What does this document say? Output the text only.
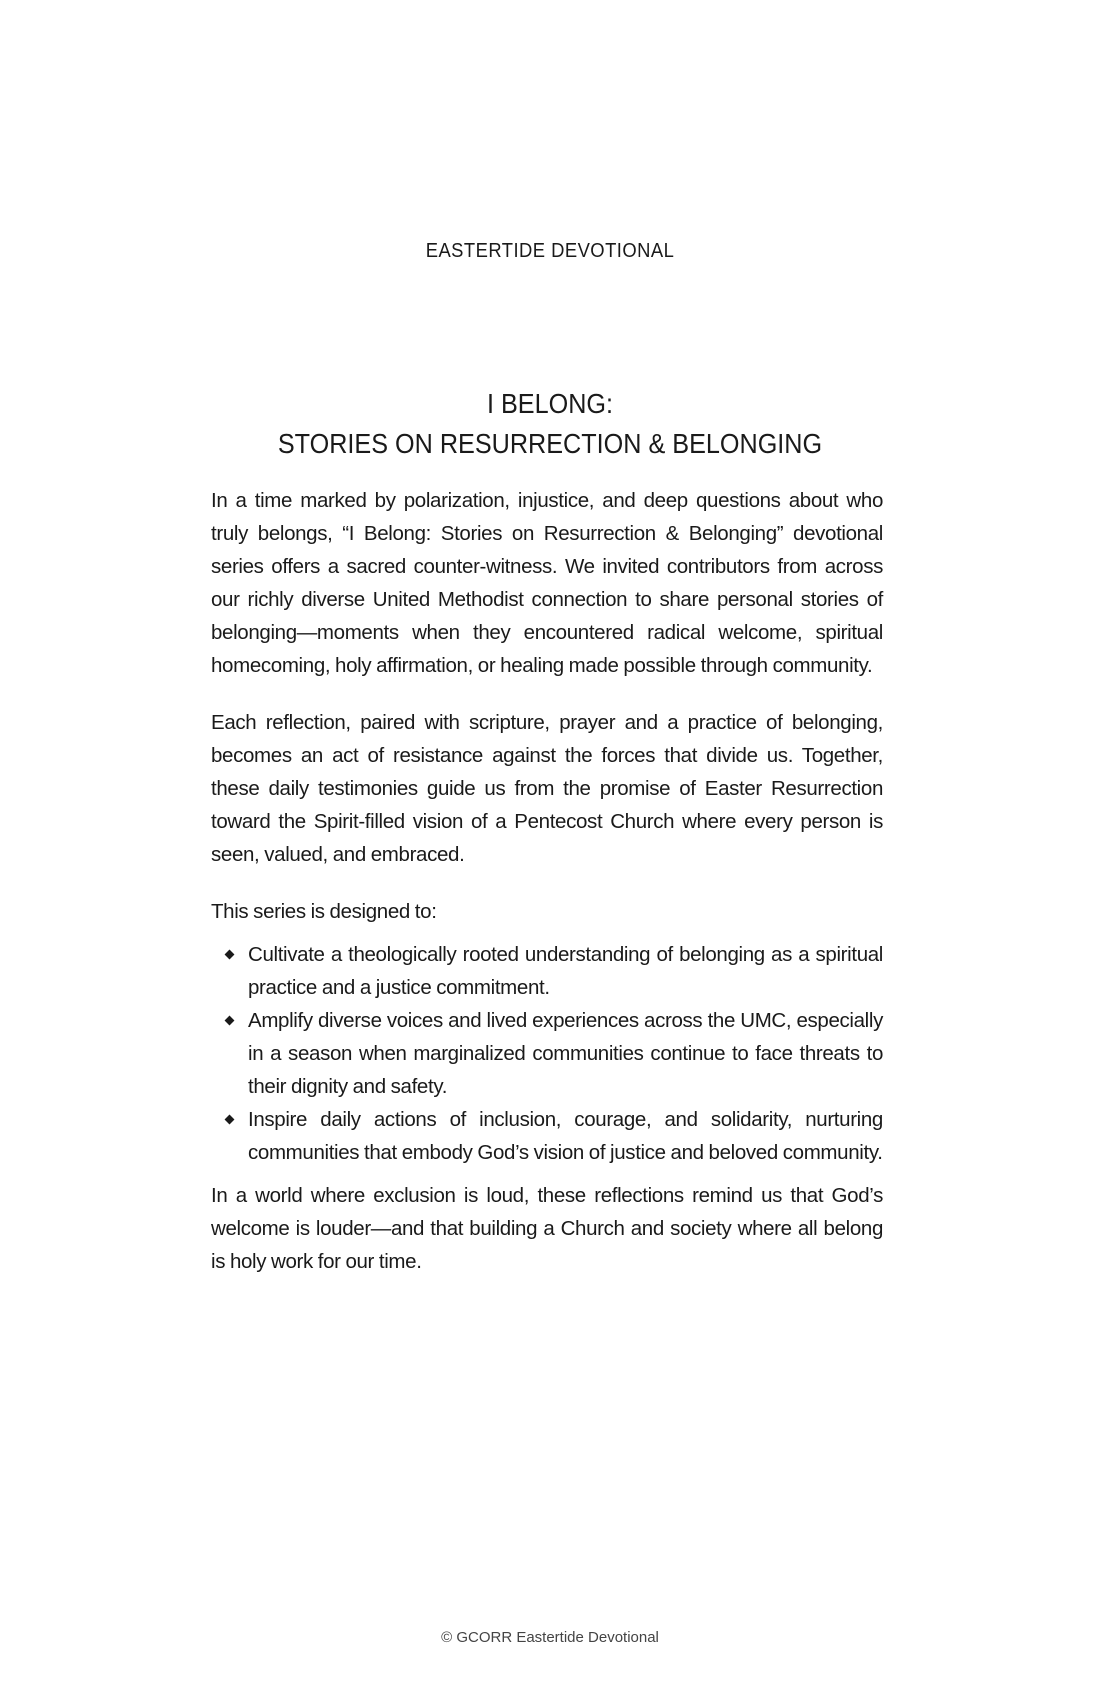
EASTERTIDE DEVOTIONAL
I BELONG:
STORIES ON RESURRECTION & BELONGING

In a time marked by polarization, injustice, and deep questions about who truly belongs, “I Belong: Stories on Resurrection & Belonging” devotional series offers a sacred counter-witness. We invited contributors from across our richly diverse United Methodist connection to share personal stories of belonging—moments when they encountered radical welcome, spiritual homecoming, holy affirmation, or healing made possible through community.

Each reflection, paired with scripture, prayer and a practice of belonging, becomes an act of resistance against the forces that divide us. Together, these daily testimonies guide us from the promise of Easter Resurrection toward the Spirit-filled vision of a Pentecost Church where every person is seen, valued, and embraced.

This series is designed to:

Cultivate a theologically rooted understanding of belonging as a spiritual practice and a justice commitment.
Amplify diverse voices and lived experiences across the UMC, especially in a season when marginalized communities continue to face threats to their dignity and safety.
Inspire daily actions of inclusion, courage, and solidarity, nurturing communities that embody God’s vision of justice and beloved community.

In a world where exclusion is loud, these reflections remind us that God’s welcome is louder—and that building a Church and society where all belong is holy work for our time.

© GCORR Eastertide Devotional
